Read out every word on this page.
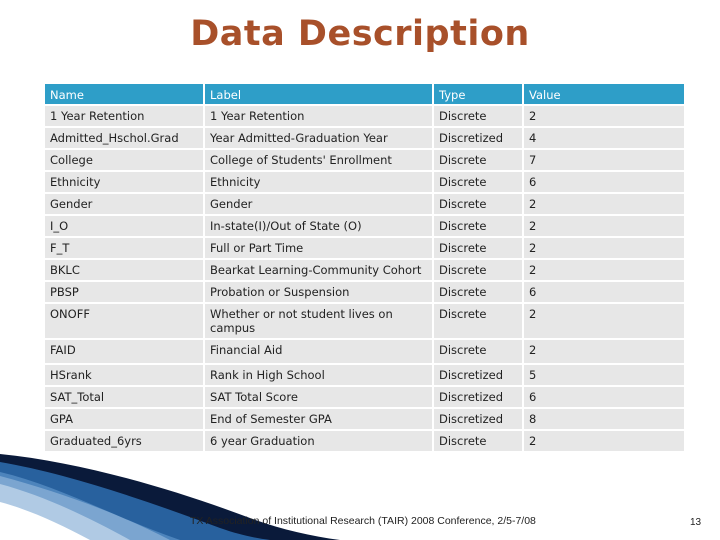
Data Description
Name	Label	Type	Value
1 Year Retention	1 Year Retention	Discrete	2
Admitted_Hschol.Grad	Year Admitted-Graduation Year	Discretized	4
College	College of Students' Enrollment	Discrete	7
Ethnicity	Ethnicity	Discrete	6
Gender	Gender	Discrete	2
I_O	In-state(I)/Out of State (O)	Discrete	2
F_T	Full or Part Time	Discrete	2
BKLC	Bearkat Learning-Community Cohort	Discrete	2
PBSP	Probation or Suspension	Discrete	6
ONOFF	Whether or not student lives on campus	Discrete	2
FAID	Financial Aid	Discrete	2
HSrank	Rank in High School	Discretized	5
SAT_Total	SAT Total Score	Discretized	6
GPA	End of Semester GPA	Discretized	8
Graduated_6yrs	6 year Graduation	Discrete	2
TX Association of Institutional Research (TAIR) 2008 Conference, 2/5-7/08	13
